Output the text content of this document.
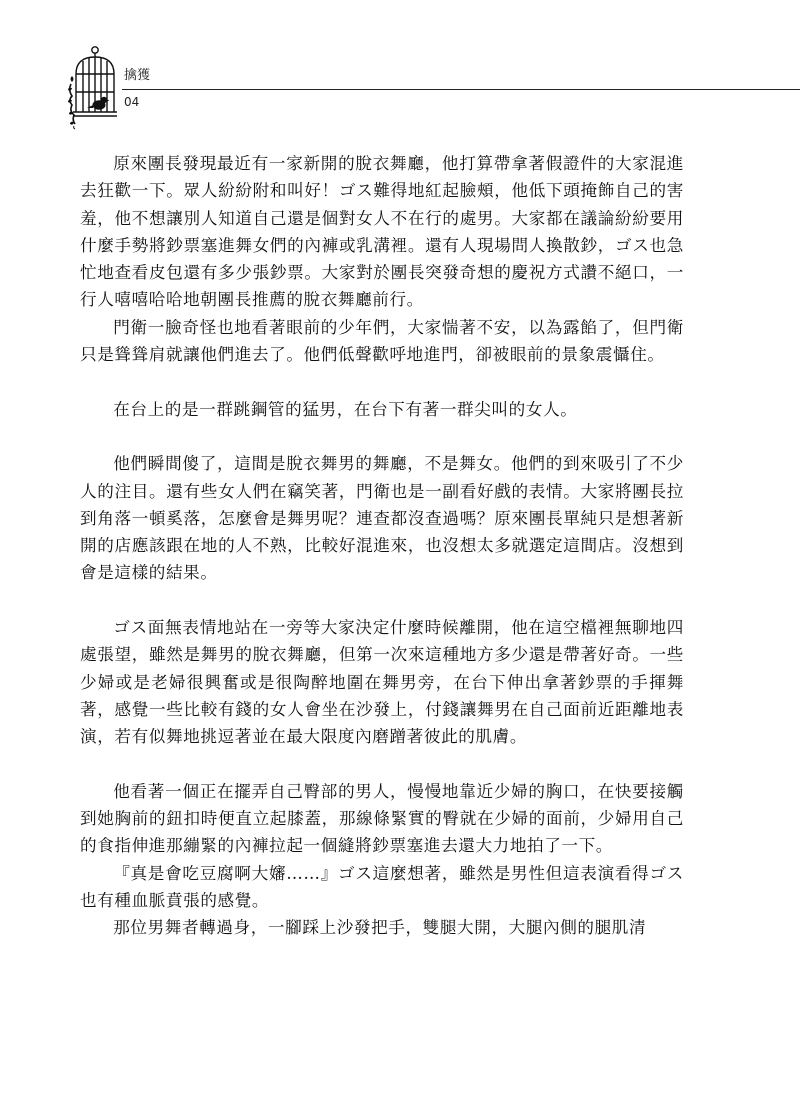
擒獲
04

原來團長發現最近有一家新開的脫衣舞廳，他打算帶拿著假證件的大家混進去狂歡一下。眾人紛紛附和叫好！ゴス難得地紅起臉頰，他低下頭掩飾自己的害羞，他不想讓別人知道自己還是個對女人不在行的處男。大家都在議論紛紛要用什麼手勢將鈔票塞進舞女們的內褲或乳溝裡。還有人現場問人換散鈔，ゴス也急忙地查看皮包還有多少張鈔票。大家對於團長突發奇想的慶祝方式讚不絕口，一行人嘻嘻哈哈地朝團長推薦的脫衣舞廳前行。

門衛一臉奇怪也地看著眼前的少年們，大家惴著不安，以為露餡了，但門衛只是聳聳肩就讓他們進去了。他們低聲歡呼地進門，卻被眼前的景象震懾住。

在台上的是一群跳鋼管的猛男，在台下有著一群尖叫的女人。

他們瞬間傻了，這間是脫衣舞男的舞廳，不是舞女。他們的到來吸引了不少人的注目。還有些女人們在竊笑著，門衛也是一副看好戲的表情。大家將團長拉到角落一頓奚落，怎麼會是舞男呢？連查都沒查過嗎？原來團長單純只是想著新開的店應該跟在地的人不熟，比較好混進來，也沒想太多就選定這間店。沒想到會是這樣的結果。

ゴス面無表情地站在一旁等大家決定什麼時候離開，他在這空檔裡無聊地四處張望，雖然是舞男的脫衣舞廳，但第一次來這種地方多少還是帶著好奇。一些少婦或是老婦很興奮或是很陶醉地圍在舞男旁，在台下伸出拿著鈔票的手揮舞著，感覺一些比較有錢的女人會坐在沙發上，付錢讓舞男在自己面前近距離地表演，若有似舞地挑逗著並在最大限度內磨蹭著彼此的肌膚。

他看著一個正在擺弄自己臀部的男人，慢慢地靠近少婦的胸口，在快要接觸到她胸前的鈕扣時便直立起膝蓋，那線條緊實的臀就在少婦的面前，少婦用自己的食指伸進那繃緊的內褲拉起一個縫將鈔票塞進去還大力地拍了一下。

『真是會吃豆腐啊大嬸……』ゴス這麼想著，雖然是男性但這表演看得ゴス也有種血脈賁張的感覺。

那位男舞者轉過身，一腳踩上沙發把手，雙腿大開，大腿內側的腿肌清
